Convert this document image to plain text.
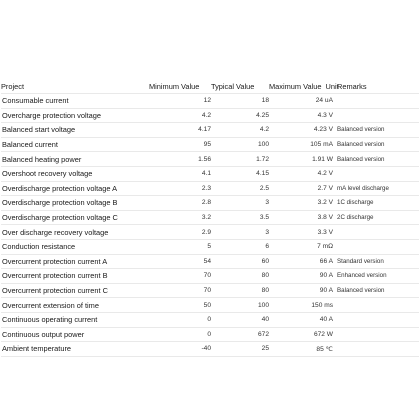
Project	Minimum Value	Typical Value	Maximum Value Unit	Remarks
Consumable current	12	18	24 uA	
Overcharge protection voltage	4.2	4.25	4.3 V	
Balanced start voltage	4.17	4.2	4.23 V	Balanced version
Balanced current	95	100	105 mA	Balanced version
Balanced heating power	1.56	1.72	1.91 W	Balanced version
Overshoot recovery voltage	4.1	4.15	4.2 V	
Overdischarge protection voltage A	2.3	2.5	2.7 V	mA level discharge
Overdischarge protection voltage B	2.8	3	3.2 V	1C discharge
Overdischarge protection voltage C	3.2	3.5	3.8 V	2C discharge
Over discharge recovery voltage	2.9	3	3.3 V	
Conduction resistance	5	6	7 mΩ	
Overcurrent protection current A	54	60	66 A	Standard version
Overcurrent protection current B	70	80	90 A	Enhanced version
Overcurrent protection current C	70	80	90 A	Balanced version
Overcurrent extension of time	50	100	150 ms	
Continuous operating current	0	40	40 A	
Continuous output power	0	672	672 W	
Ambient temperature	-40	25	85 ℃	
